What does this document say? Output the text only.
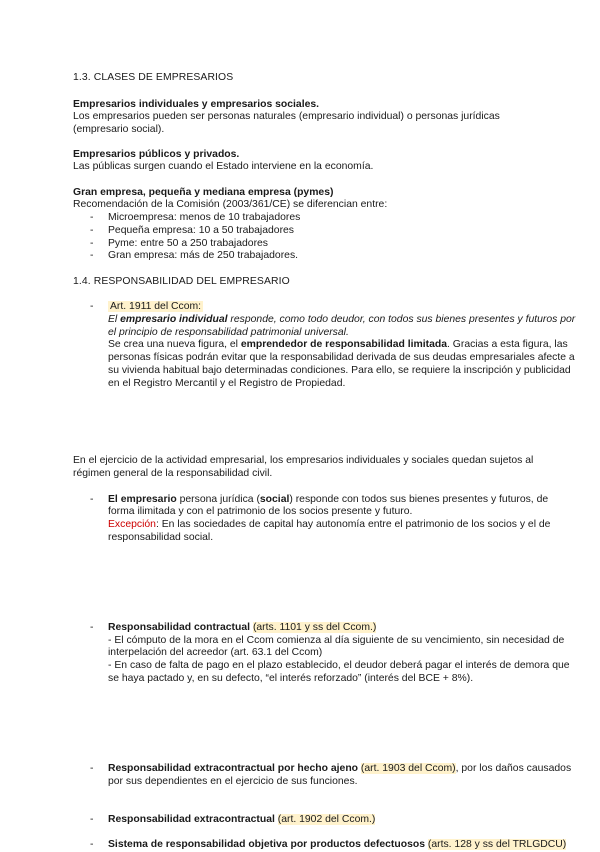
1.3. CLASES DE EMPRESARIOS
Empresarios individuales y empresarios sociales.
Los empresarios pueden ser personas naturales (empresario individual) o personas jurídicas (empresario social).
Empresarios públicos y privados.
Las públicas surgen cuando el Estado interviene en la economía.
Gran empresa, pequeña y mediana empresa (pymes)
Recomendación de la Comisión (2003/361/CE) se diferencian entre:
- Microempresa: menos de 10 trabajadores
- Pequeña empresa: 10 a 50 trabajadores
- Pyme: entre 50 a 250 trabajadores
- Gran empresa: más de 250 trabajadores.
1.4. RESPONSABILIDAD DEL EMPRESARIO
- Art. 1911 del Ccom:
El empresario individual responde, como todo deudor, con todos sus bienes presentes y futuros por el principio de responsabilidad patrimonial universal.
Se crea una nueva figura, el emprendedor de responsabilidad limitada. Gracias a esta figura, las personas físicas podrán evitar que la responsabilidad derivada de sus deudas empresariales afecte a su vivienda habitual bajo determinadas condiciones. Para ello, se requiere la inscripción y publicidad en el Registro Mercantil y el Registro de Propiedad.
- El empresario persona jurídica (social) responde con todos sus bienes presentes y futuros, de forma ilimitada y con el patrimonio de los socios presente y futuro.
Excepción: En las sociedades de capital hay autonomía entre el patrimonio de los socios y el de responsabilidad social.
En el ejercicio de la actividad empresarial, los empresarios individuales y sociales quedan sujetos al régimen general de la responsabilidad civil.
- Responsabilidad contractual (arts. 1101 y ss del Ccom.)
- El cómputo de la mora en el Ccom comienza al día siguiente de su vencimiento, sin necesidad de interpelación del acreedor (art. 63.1 del Ccom)
- En caso de falta de pago en el plazo establecido, el deudor deberá pagar el interés de demora que se haya pactado y, en su defecto, “el interés reforzado” (interés del BCE + 8%).
- Responsabilidad extracontractual por hecho ajeno (art. 1903 del Ccom), por los daños causados por sus dependientes en el ejercicio de sus funciones.
- Responsabilidad extracontractual (art. 1902 del Ccom.)
- Sistema de responsabilidad objetiva por productos defectuosos (arts. 128 y ss del TRLGDCU)
